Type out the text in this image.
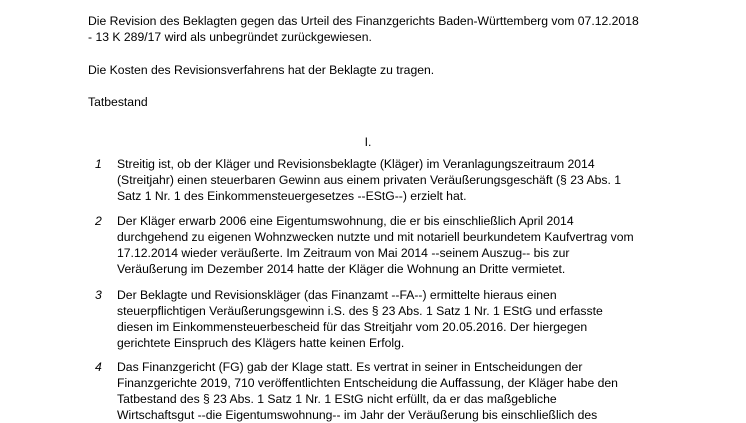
Die Revision des Beklagten gegen das Urteil des Finanzgerichts Baden-Württemberg vom 07.12.2018
- 13 K 289/17 wird als unbegründet zurückgewiesen.
Die Kosten des Revisionsverfahrens hat der Beklagte zu tragen.
Tatbestand
I.
1 Streitig ist, ob der Kläger und Revisionsbeklagte (Kläger) im Veranlagungszeitraum 2014
(Streitjahr) einen steuerbaren Gewinn aus einem privaten Veräußerungsgeschäft (§ 23 Abs. 1
Satz 1 Nr. 1 des Einkommensteuergesetzes --EStG--) erzielt hat.
2 Der Kläger erwarb 2006 eine Eigentumswohnung, die er bis einschließlich April 2014
durchgehend zu eigenen Wohnzwecken nutzte und mit notariell beurkundetem Kaufvertrag vom
17.12.2014 wieder veräußerte. Im Zeitraum von Mai 2014 --seinem Auszug-- bis zur
Veräußerung im Dezember 2014 hatte der Kläger die Wohnung an Dritte vermietet.
3 Der Beklagte und Revisionskläger (das Finanzamt --FA--) ermittelte hieraus einen
steuerpflichtigen Veräußerungsgewinn i.S. des § 23 Abs. 1 Satz 1 Nr. 1 EStG und erfasste
diesen im Einkommensteuerbescheid für das Streitjahr vom 20.05.2016. Der hiergegen
gerichtete Einspruch des Klägers hatte keinen Erfolg.
4 Das Finanzgericht (FG) gab der Klage statt. Es vertrat in seiner in Entscheidungen der
Finanzgerichte 2019, 710 veröffentlichten Entscheidung die Auffassung, der Kläger habe den
Tatbestand des § 23 Abs. 1 Satz 1 Nr. 1 EStG nicht erfüllt, da er das maßgebliche
Wirtschaftsgut --die Eigentumswohnung-- im Jahr der Veräußerung bis einschließlich des
